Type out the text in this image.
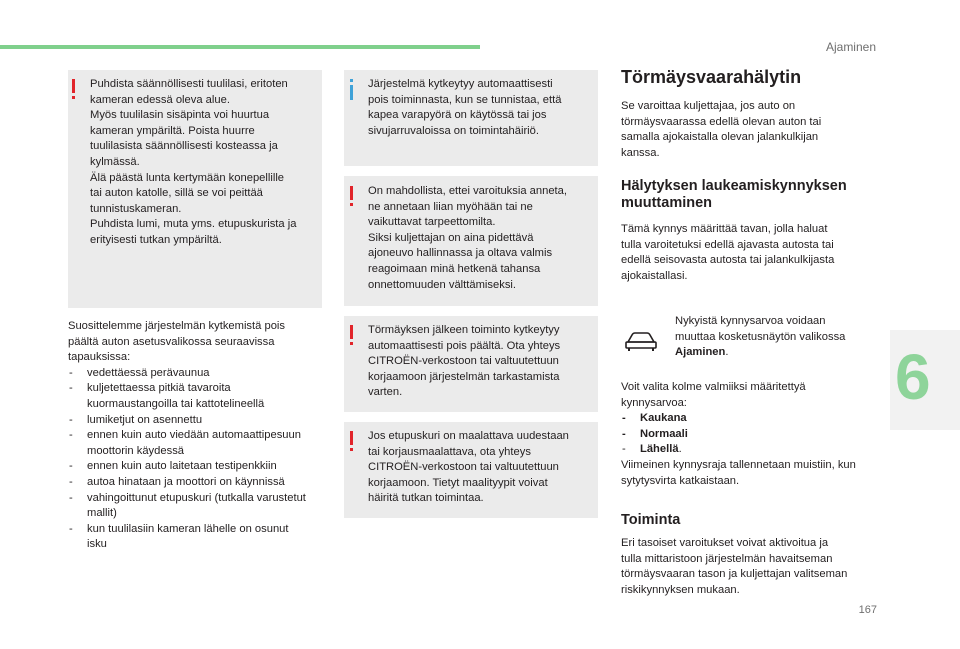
Ajaminen

Puhdista säännöllisesti tuulilasi, eritoten
kameran edessä oleva alue.
Myös tuulilasin sisäpinta voi huurtua
kameran ympäriltä. Poista huurre
tuulilasista säännöllisesti kosteassa ja
kylmässä.
Älä päästä lunta kertymään konepellille
tai auton katolle, sillä se voi peittää
tunnistuskameran.
Puhdista lumi, muta yms. etupuskurista ja
erityisesti tutkan ympäriltä.

Suosittelemme järjestelmän kytkemistä pois
päältä auton asetusvalikossa seuraavissa
tapauksissa:

- vedettäessä perävaunua
- kuljetettaessa pitkiä tavaroita
kuormaustangoilla tai kattotelineellä
- lumiketjut on asennettu
- ennen kuin auto viedään automaattipesuun
moottorin käydessä
- ennen kuin auto laitetaan testipenkkiin
- autoa hinataan ja moottori on käynnissä
- vahingoittunut etupuskuri (tutkalla varustetut
mallit)
- kun tuulilasiin kameran lähelle on osunut
isku

Järjestelmä kytkeytyy automaattisesti
pois toiminnasta, kun se tunnistaa, että
kapea varapyörä on käytössä tai jos
sivujarruvaloissa on toimintahäiriö.

On mahdollista, ettei varoituksia anneta,
ne annetaan liian myöhään tai ne
vaikuttavat tarpeettomilta.
Siksi kuljettajan on aina pidettävä
ajoneuvo hallinnassa ja oltava valmis
reagoimaan minä hetkenä tahansa
onnettomuuden välttämiseksi.

Törmäyksen jälkeen toiminto kytkeytyy
automaattisesti pois päältä. Ota yhteys
CITROËN-verkostoon tai valtuutettuun
korjaamoon järjestelmän tarkastamista
varten.

Jos etupuskuri on maalattava uudestaan
tai korjausmaalattava, ota yhteys
CITROËN-verkostoon tai valtuutettuun
korjaamoon. Tietyt maalityypit voivat
häiritä tutkan toimintaa.

Törmäysvaarahälytin

Se varoittaa kuljettajaa, jos auto on
törmäysvaarassa edellä olevan auton tai
samalla ajokaistalla olevan jalankulkijan
kanssa.

Hälytyksen laukeamiskynnyksen
muuttaminen

Tämä kynnys määrittää tavan, jolla haluat
tulla varoitetuksi edellä ajavasta autosta tai
edellä seisovasta autosta tai jalankulkijasta
ajokaistallasi.

Nykyistä kynnysarvoa voidaan
muuttaa kosketusnäytön valikossa
Ajaminen.

Voit valita kolme valmiiksi määritettyä
kynnysarvoa:

- Kaukana
- Normaali
- Lähellä.

Viimeinen kynnysraja tallennetaan muistiin, kun
sytytysvirta katkaistaan.

Toiminta

Eri tasoiset varoitukset voivat aktivoitua ja
tulla mittaristoon järjestelmän havaitseman
törmäysvaaran tason ja kuljettajan valitseman
riskikynnyksen mukaan.

6
167
